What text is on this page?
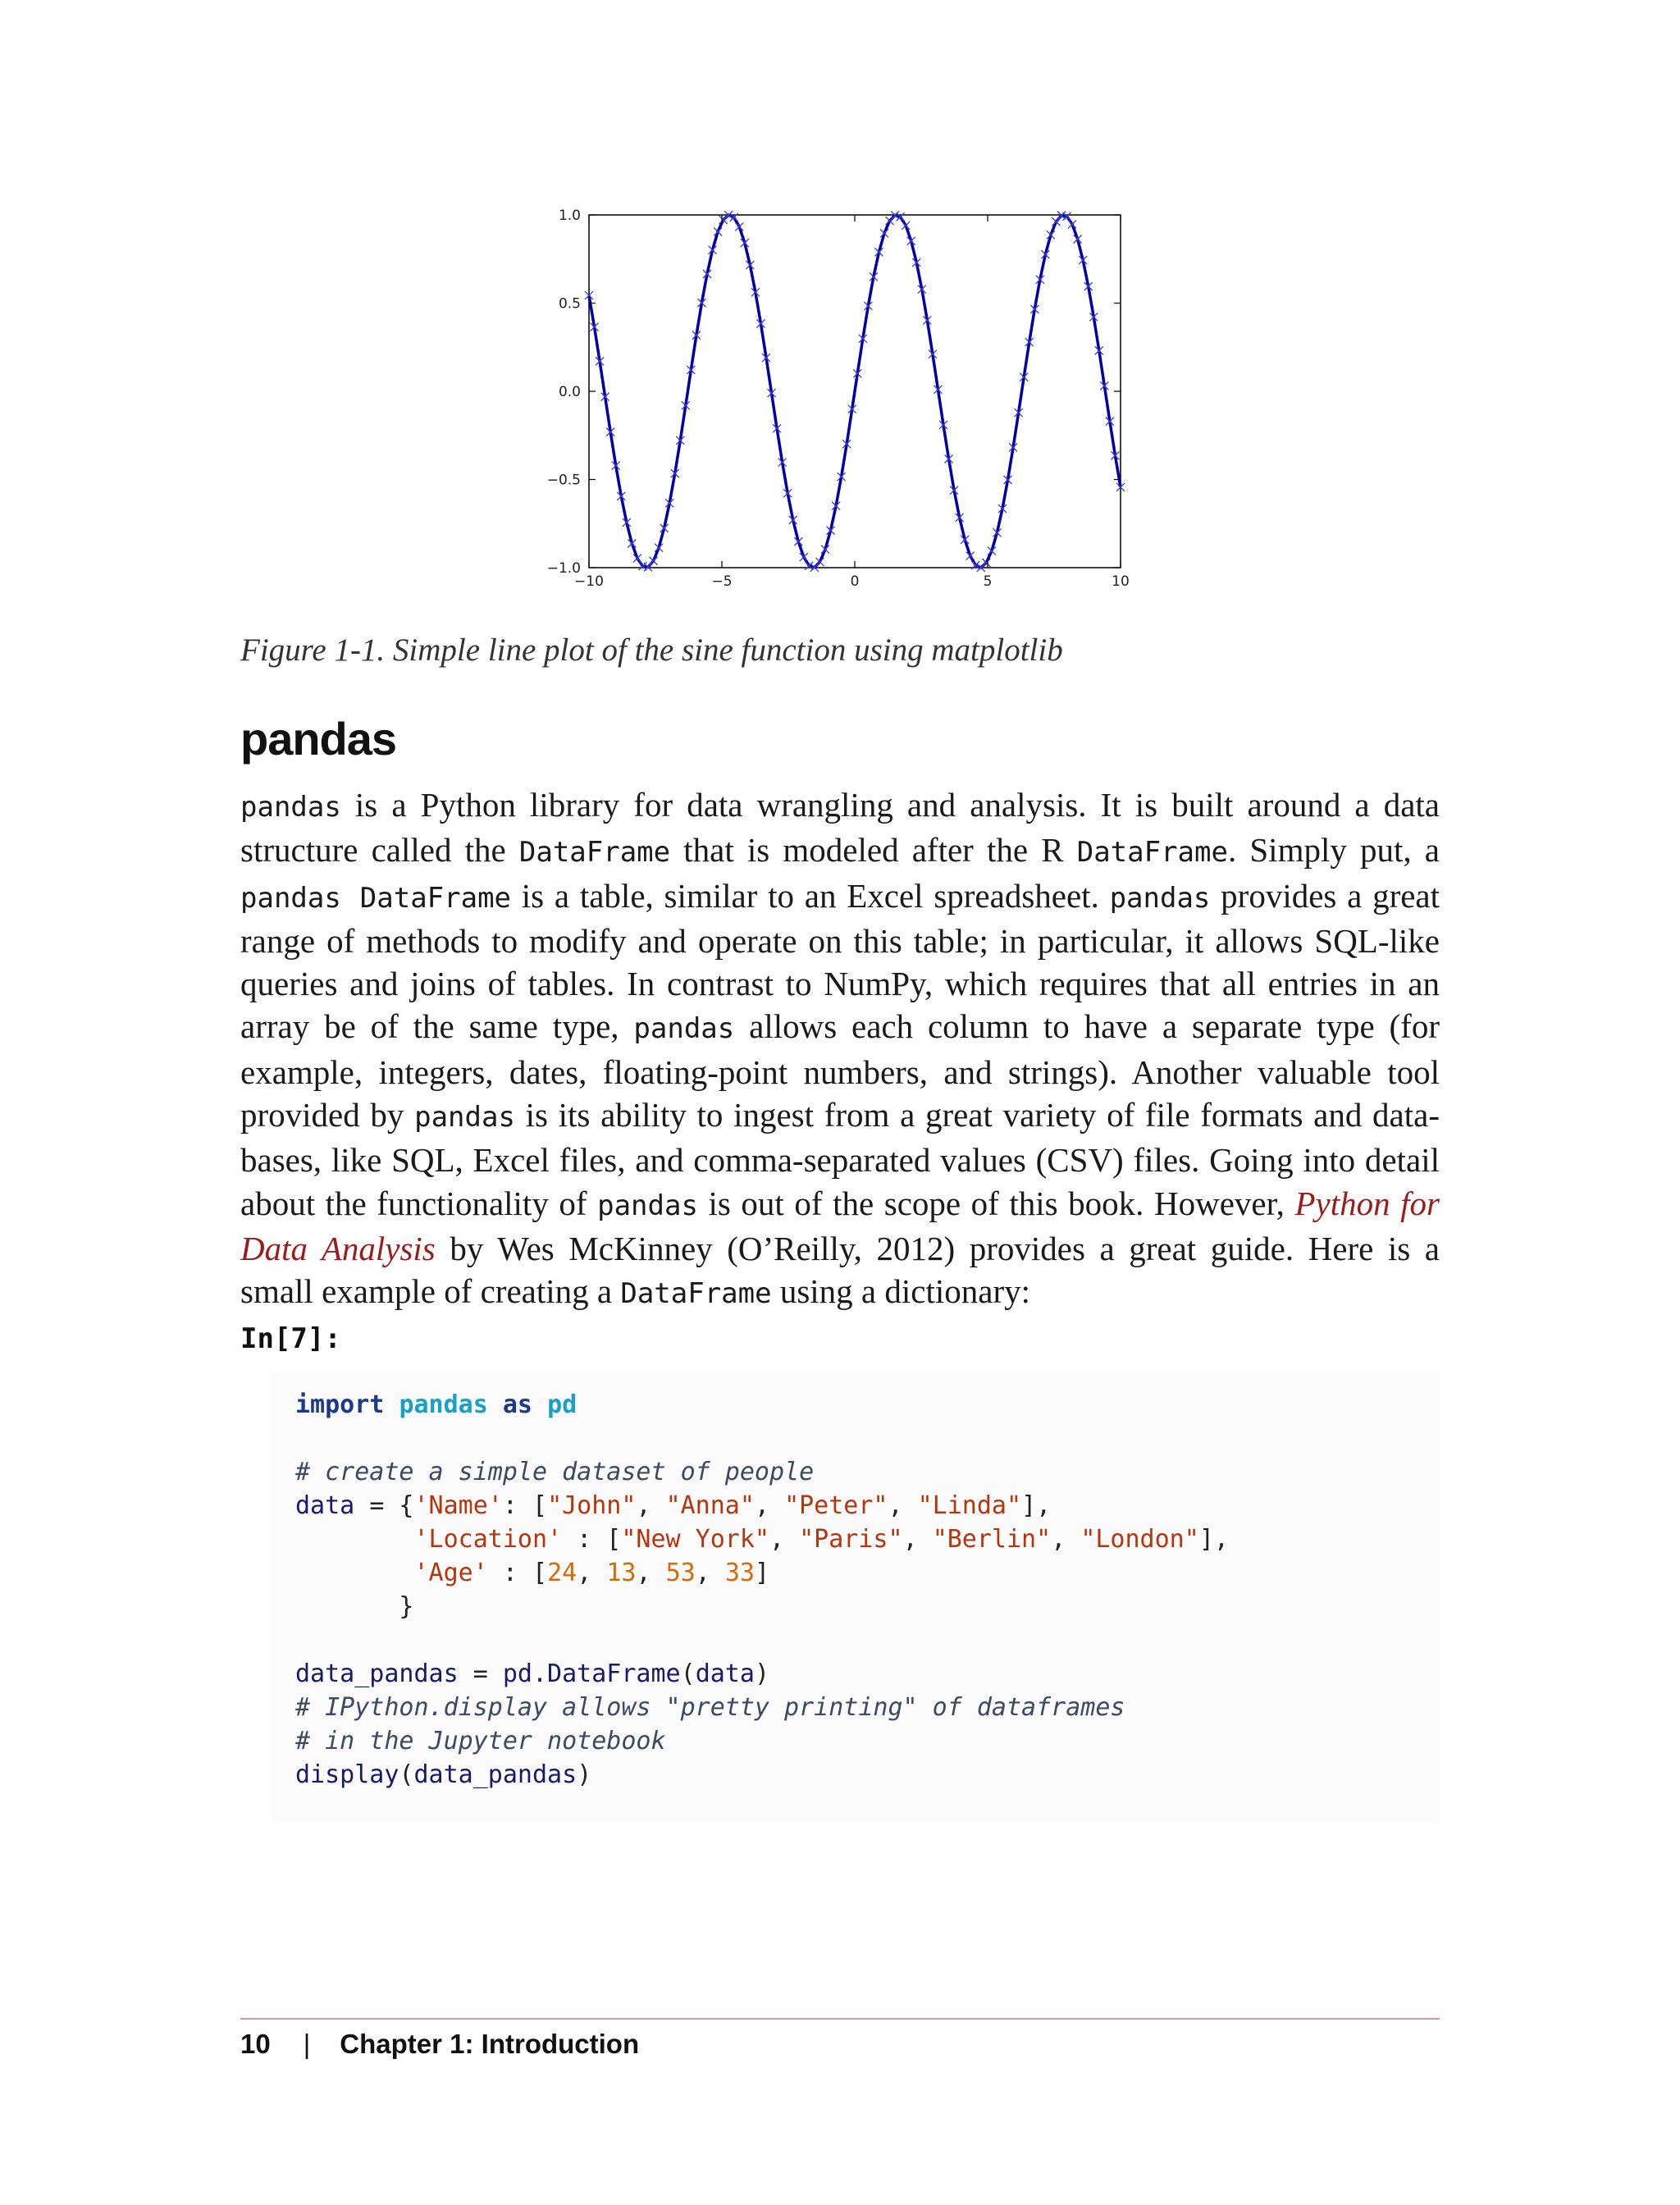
−10	−5	0	5	10
1.0
0.5
0.0
−0.5
−1.0
Figure 1-1. Simple line plot of the sine function using matplotlib
pandas
pandas is a Python library for data wrangling and analysis. It is built around a data structure called the DataFrame that is modeled after the R DataFrame. Simply put, a pandas DataFrame is a table, similar to an Excel spreadsheet. pandas provides a great range of methods to modify and operate on this table; in particular, it allows SQL-like queries and joins of tables. In contrast to NumPy, which requires that all entries in an array be of the same type, pandas allows each column to have a separate type (for example, integers, dates, floating-point numbers, and strings). Another valuable tool provided by pandas is its ability to ingest from a great variety of file formats and databases, like SQL, Excel files, and comma-separated values (CSV) files. Going into detail about the functionality of pandas is out of the scope of this book. However, Python for Data Analysis by Wes McKinney (O’Reilly, 2012) provides a great guide. Here is a small example of creating a DataFrame using a dictionary:
In[7]:
import pandas as pd

# create a simple dataset of people
data = {'Name': ["John", "Anna", "Peter", "Linda"],
'Location' : ["New York", "Paris", "Berlin", "London"],
'Age' : [24, 13, 53, 33]
}

data_pandas = pd.DataFrame(data)
# IPython.display allows "pretty printing" of dataframes
# in the Jupyter notebook
display(data_pandas)
10 | Chapter 1: Introduction
